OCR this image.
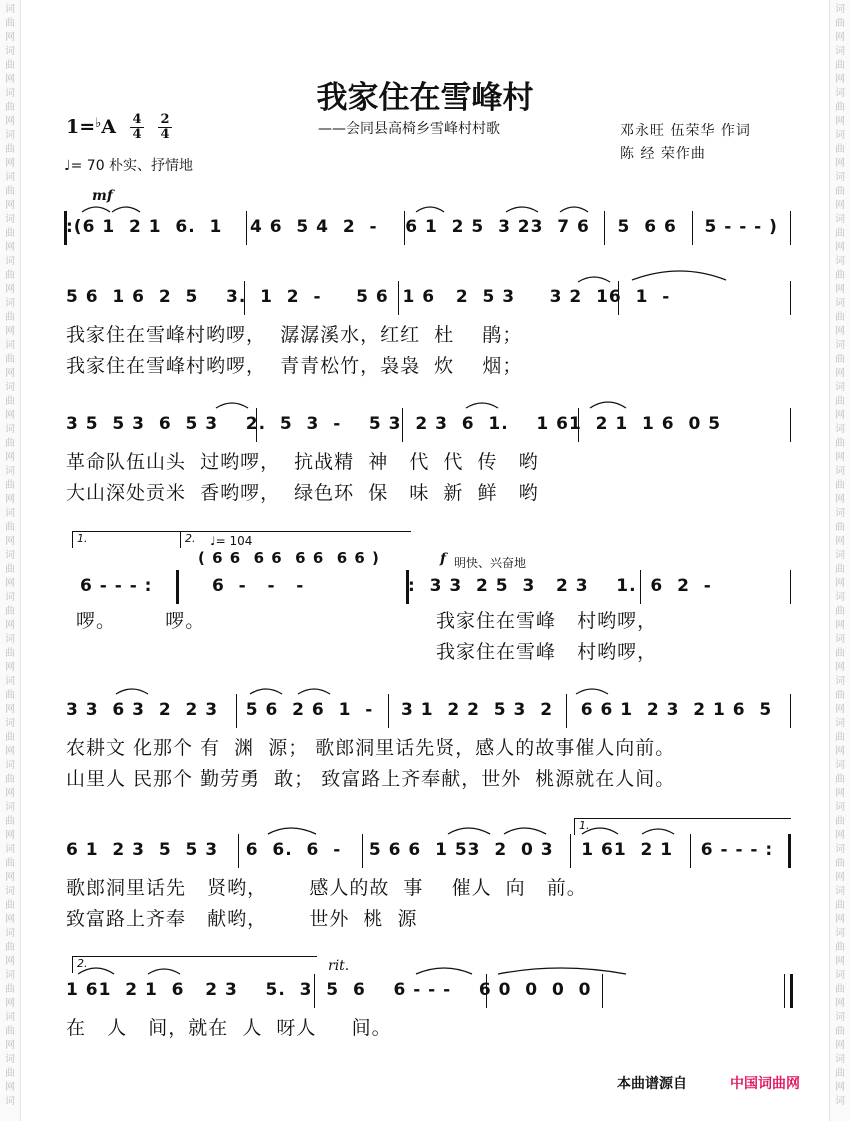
词
曲
网
词
曲
网
词
曲
网
词
曲
网
词
曲
网
词
曲
网
词
曲
网
词
曲
网
词
曲
网
词
曲
网
词
曲
网
词
曲
网
词
曲
网
词
曲
网
词
曲
网
词
曲
网
词
曲
网
词
曲
网
词
曲
网
词
曲
网
词
曲
网
词
曲
网
词
曲
网
词
曲
网
词
曲
网
词
曲
网
词
词
曲
网
词
曲
网
词
曲
网
词
曲
网
词
曲
网
词
曲
网
词
曲
网
词
曲
网
词
曲
网
词
曲
网
词
曲
网
词
曲
网
词
曲
网
词
曲
网
词
曲
网
词
曲
网
词
曲
网
词
曲
网
词
曲
网
词
曲
网
词
曲
网
词
曲
网
词
曲
网
词
曲
网
词
曲
网
词
曲
网
词
我家住在雪峰村
——会同县高椅乡雪峰村村歌
1=♭A 4
4
2
4
♩= 70 朴实、抒情地
邓永旺 伍荣华 作词
陈 经 荣作曲
mf
:(6 1  2 1  6.  1    4 6  5 4  2  -    6 1  2 5  3 23  7 6    5  6 6    5 - - - )
5 6  1 6  2  5    3.  1  2  -     5 6  1 6   2  5 3     3 2  16  1  -
我家住在雪峰村哟啰，  潺潺溪水，红红  杜    鹃；
我家住在雪峰村哟啰，  青青松竹，袅袅  炊    烟；
3 5  5 3  6  5 3    2.  5  3  -    5 3  2 3  6  1.    1 61  2 1  1 6  0 5
革命队伍山头  过哟啰，  抗战精  神   代  代  传   哟
大山深处贡米  香哟啰，  绿色环  保   味  新  鲜   哟
1.	2.	♩= 104
( 6 6  6 6  6 6  6 6 )	f 明快、兴奋地
6 - - - :	6  -   -   -	:  3 3  2 5  3   2 3    1.  6  2  -
啰。       啰。	我家住在雪峰   村哟啰，
我家住在雪峰   村哟啰，
3 3  6 3  2  2 3    5 6  2 6  1  -    3 1  2 2  5 3  2    6 6 1  2 3  2 1 6  5
农耕文 化那个 有  渊  源； 歌郎洞里话先贤，感人的故事催人向前。
山里人 民那个 勤劳勇  敢； 致富路上齐奉献，世外  桃源就在人间。
1.
6 1  2 3  5  5 3    6  6.  6  -    5 6 6  1 53  2  0 3    1 61  2 1    6 - - - :
歌郎洞里话先   贤哟，      感人的故  事    催人  向   前。
致富路上齐奉   献哟，      世外  桃  源
2.	rit.
1 61  2 1  6   2 3    5.  3  5  6    6 - - -    6 0  0  0  0
在   人   间，就在  人  呀人     间。
本曲谱源自	中国词曲网
